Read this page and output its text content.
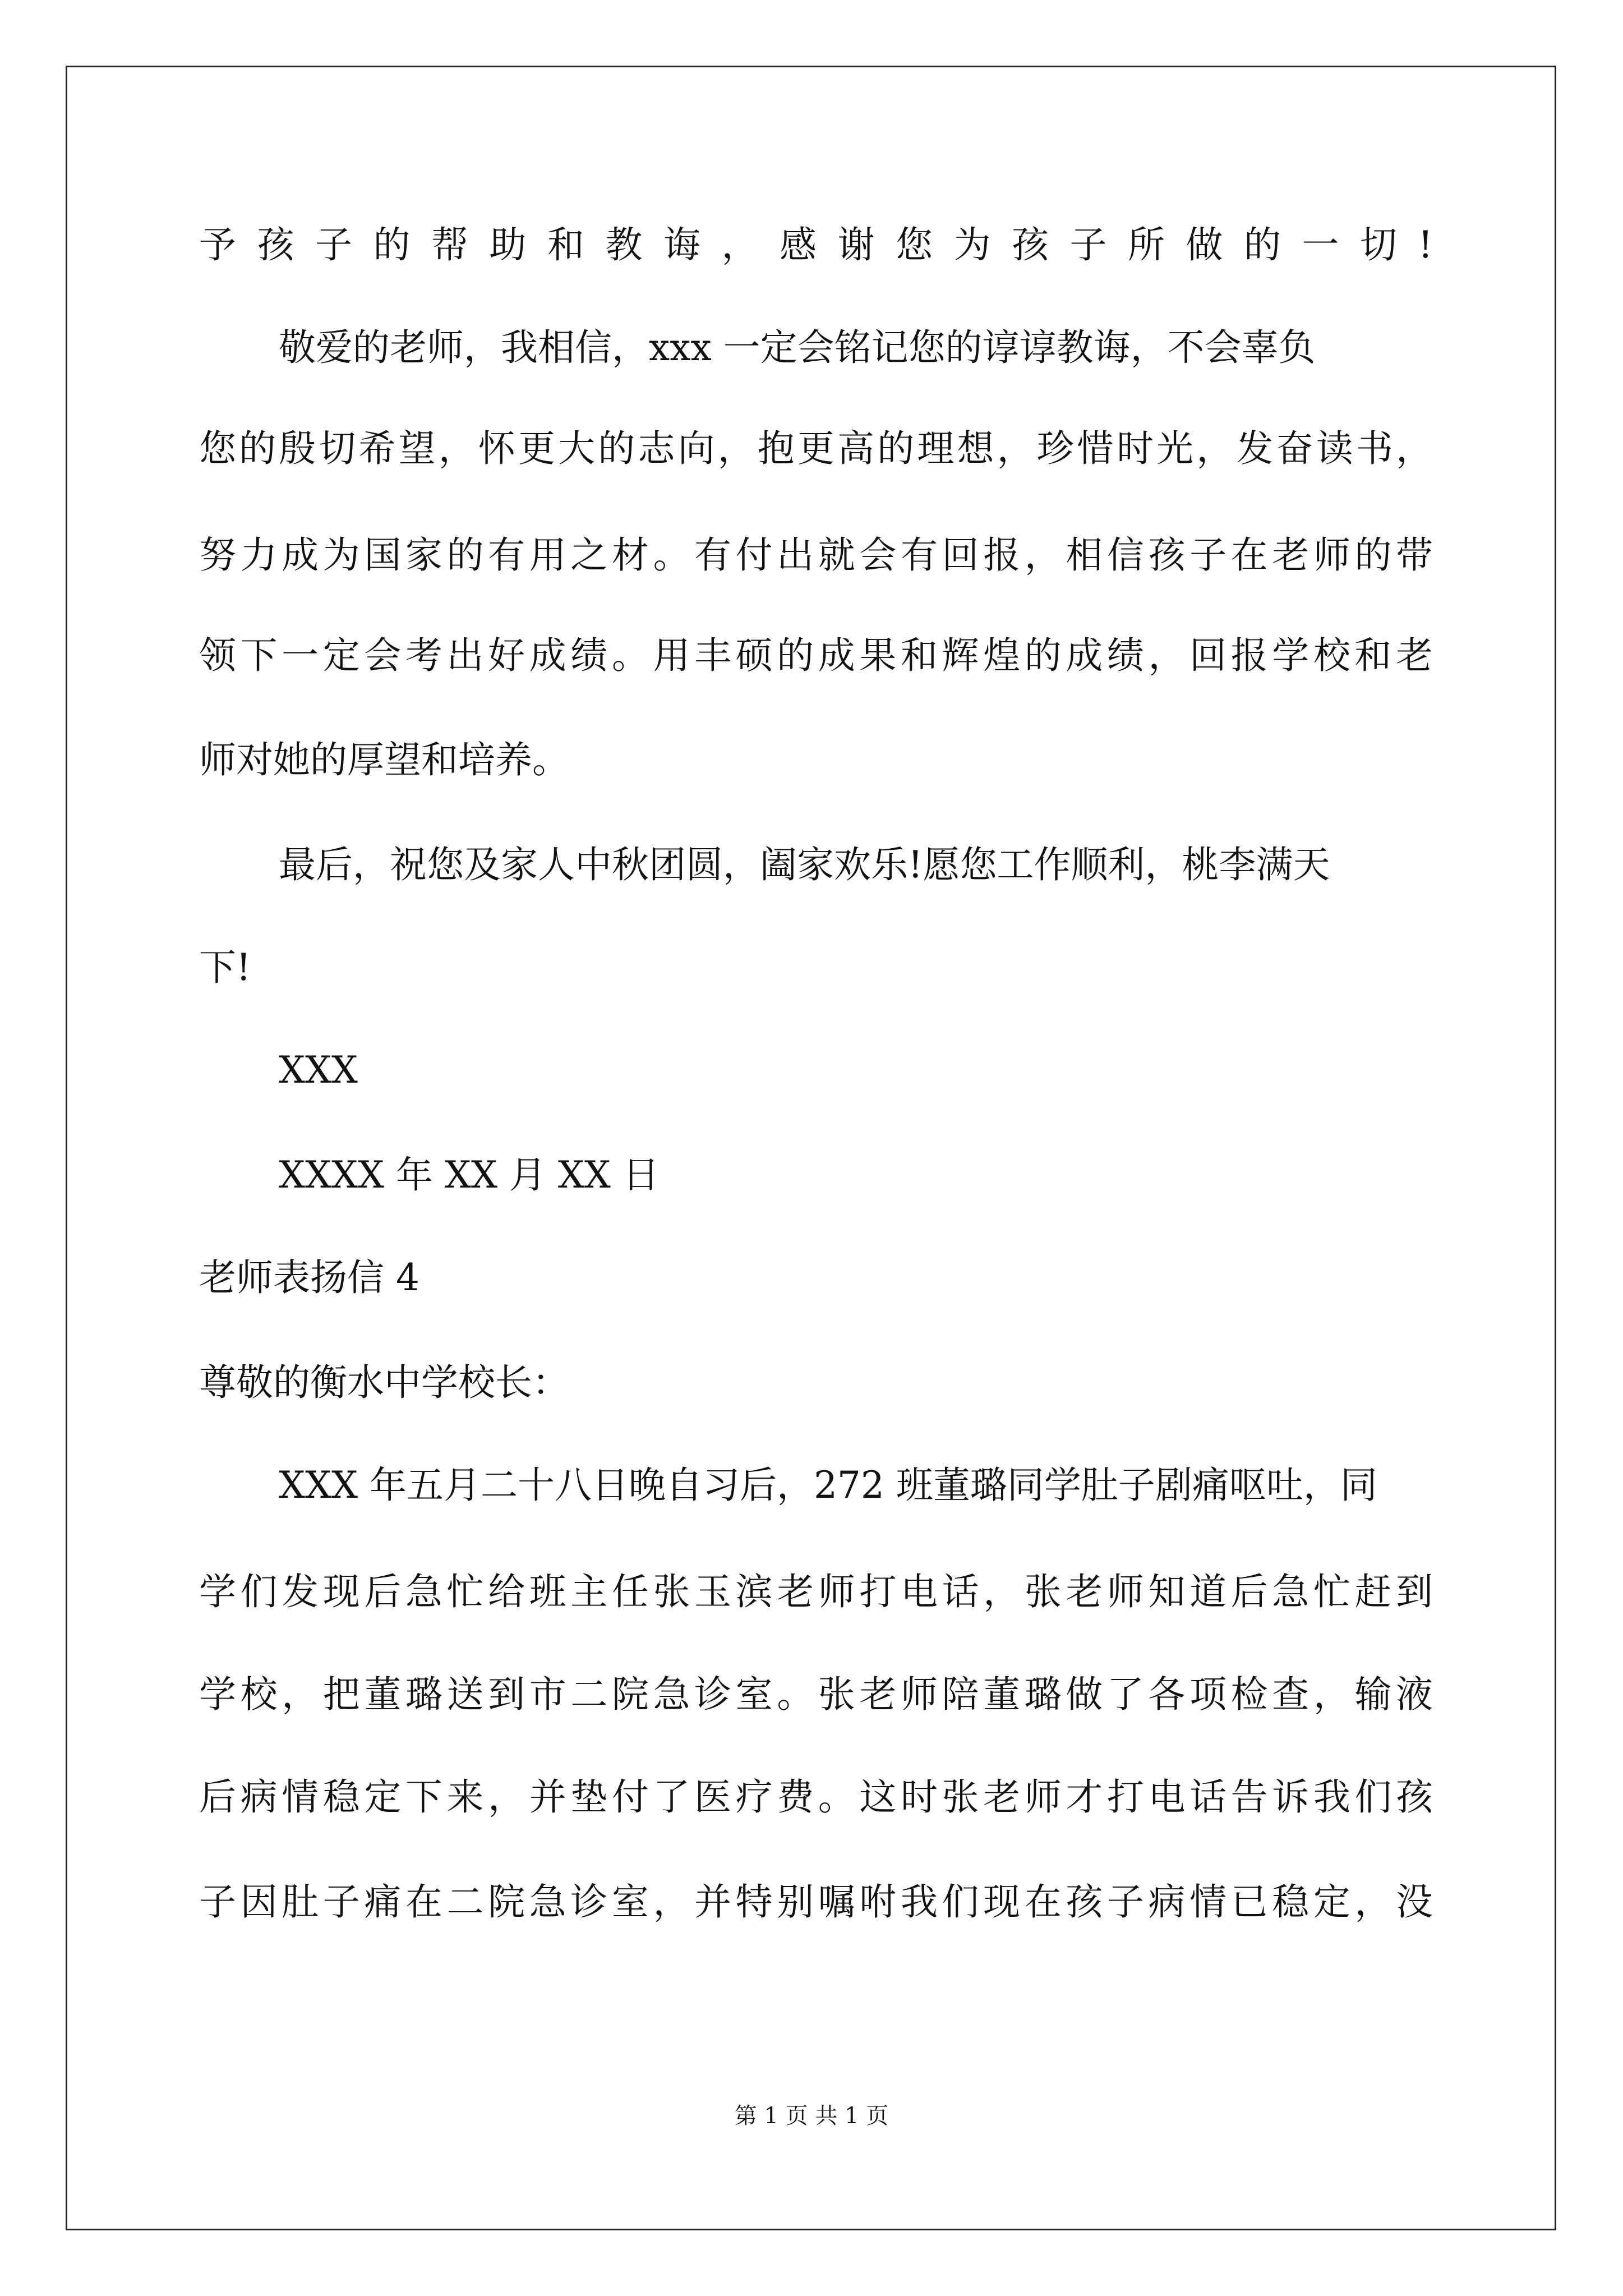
予孩子的帮助和教诲，感谢您为孩子所做的一切!
敬爱的老师，我相信，xxx 一定会铭记您的谆谆教诲，不会辜负
您的殷切希望，怀更大的志向，抱更高的理想，珍惜时光，发奋读书，
努力成为国家的有用之材。有付出就会有回报，相信孩子在老师的带
领下一定会考出好成绩。用丰硕的成果和辉煌的成绩，回报学校和老
师对她的厚望和培养。
最后，祝您及家人中秋团圆，阖家欢乐!愿您工作顺利，桃李满天
下!
XXX
XXXX 年 XX 月 XX 日
老师表扬信 4
尊敬的衡水中学校长：
XXX 年五月二十八日晚自习后，272 班董璐同学肚子剧痛呕吐，同
学们发现后急忙给班主任张玉滨老师打电话，张老师知道后急忙赶到
学校，把董璐送到市二院急诊室。张老师陪董璐做了各项检查，输液
后病情稳定下来，并垫付了医疗费。这时张老师才打电话告诉我们孩
子因肚子痛在二院急诊室，并特别嘱咐我们现在孩子病情已稳定，没
第 1 页 共 1 页
